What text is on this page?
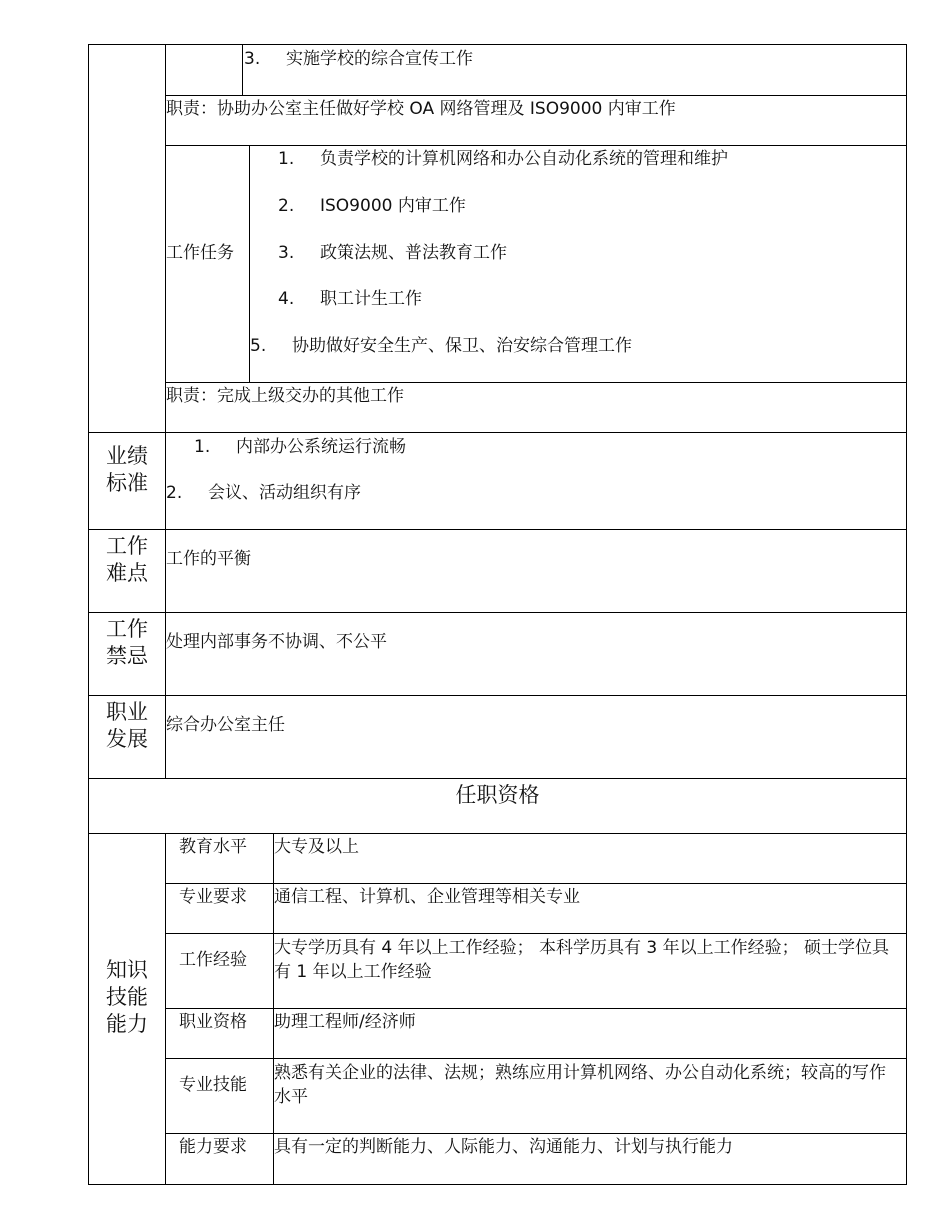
3. 实施学校的综合宣传工作
职责：协助办公室主任做好学校 OA 网络管理及 ISO9000 内审工作
工作任务
1. 负责学校的计算机网络和办公自动化系统的管理和维护
2. ISO9000 内审工作
3. 政策法规、普法教育工作
4. 职工计生工作
5. 协助做好安全生产、保卫、治安综合管理工作
职责：完成上级交办的其他工作
业绩
标准
1. 内部办公系统运行流畅
2. 会议、活动组织有序
工作
难点
工作的平衡
工作
禁忌
处理内部事务不协调、不公平
职业
发展
综合办公室主任
任职资格
知识
技能
能力
教育水平 大专及以上
专业要求 通信工程、计算机、企业管理等相关专业
工作经验
大专学历具有 4 年以上工作经验； 本科学历具有 3 年以上工作经验； 硕士学位具有 1 年以上工作经验
职业资格 助理工程师/经济师
专业技能
熟悉有关企业的法律、法规；熟练应用计算机网络、办公自动化系统；较高的写作水平
能力要求 具有一定的判断能力、人际能力、沟通能力、计划与执行能力
